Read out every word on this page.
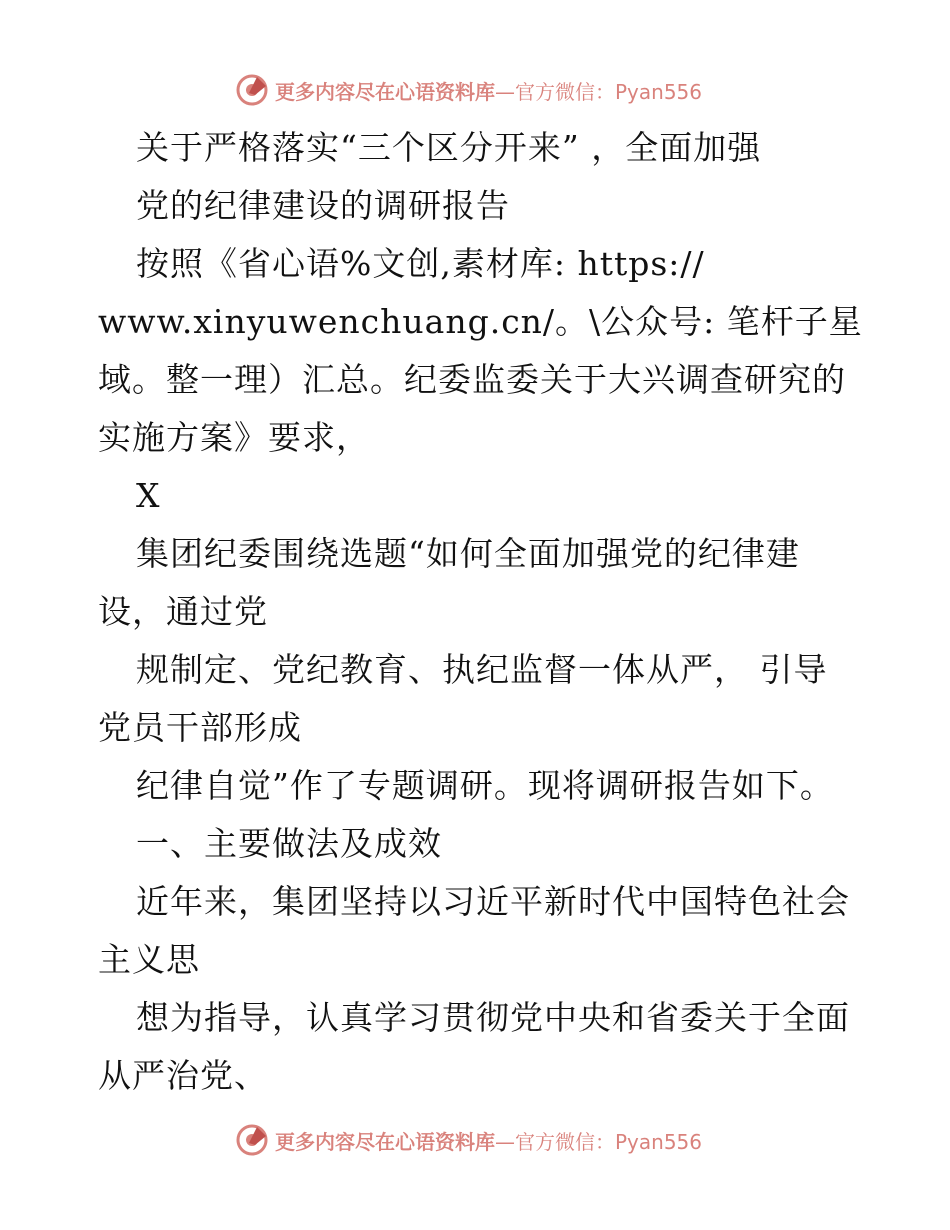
更多内容尽在心语资料库 —官方微信：Pyan556
关于严格落实“三个区分开来” ，全面加强
党的纪律建设的调研报告
按照《省心语%文创,素材库: https://
www.xinyuwenchuang.cn/。\公众号: 笔杆子星
域。整一理）汇总。纪委监委关于大兴调查研究的
实施方案》要求，
X
集团纪委围绕选题“如何全面加强党的纪律建
设，通过党
规制定、党纪教育、执纪监督一体从严， 引导
党员干部形成
纪律自觉”作了专题调研。现将调研报告如下。
一、主要做法及成效
近年来，集团坚持以习近平新时代中国特色社会
主义思
想为指导，认真学习贯彻党中央和省委关于全面
从严治党、
更多内容尽在心语资料库 —官方微信：Pyan556
